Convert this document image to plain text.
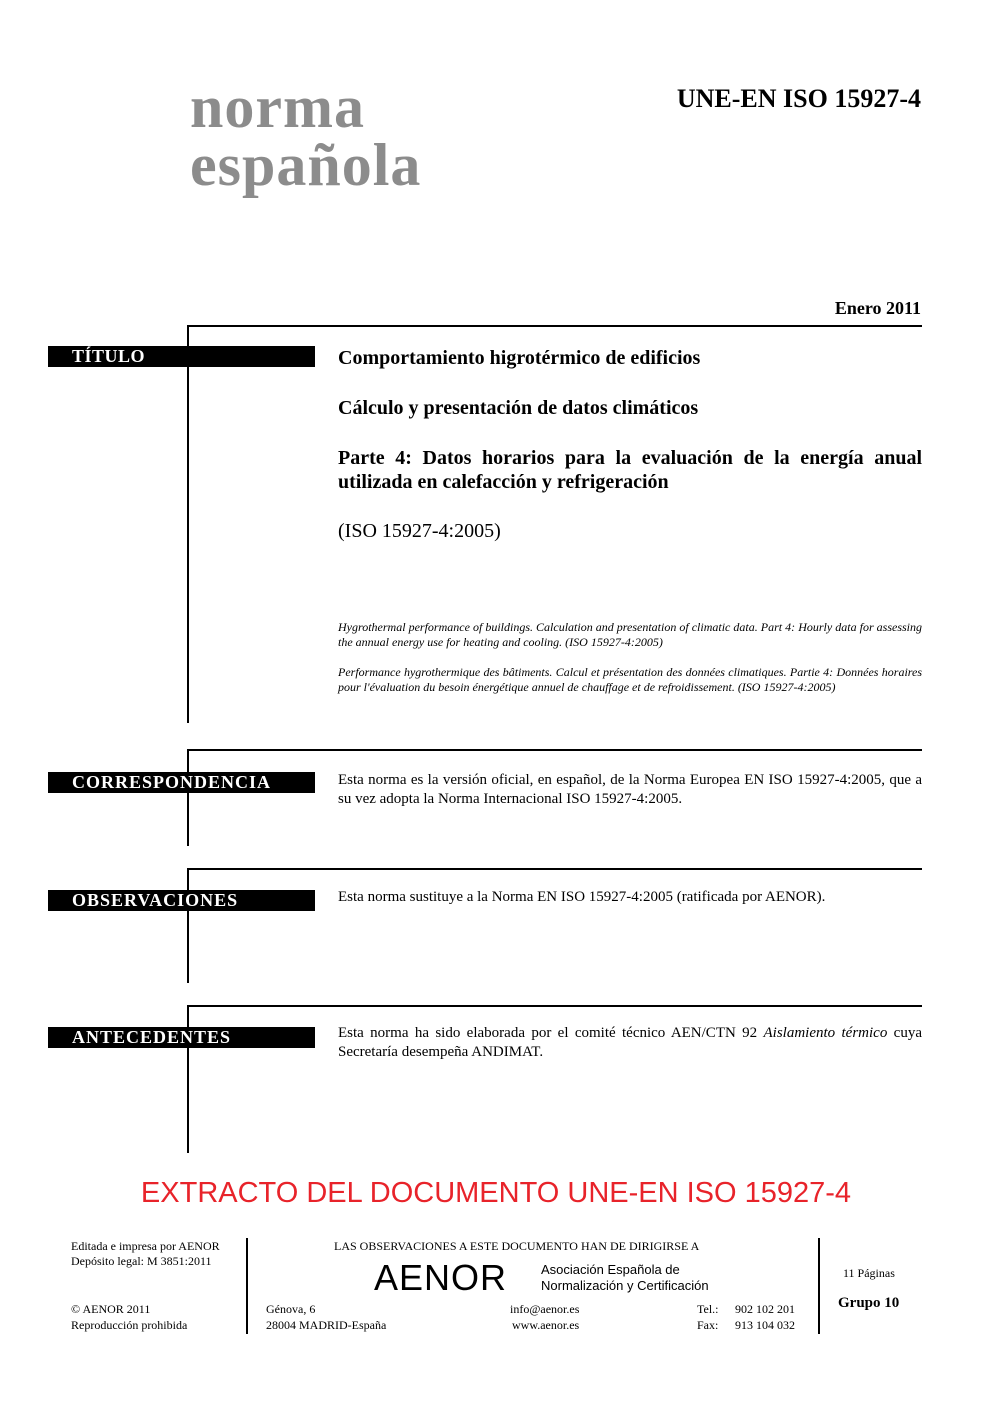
norma
española
UNE-EN ISO 15927-4
Enero 2011
TÍTULO	Comportamiento higrotérmico de edificios
Cálculo y presentación de datos climáticos
Parte 4: Datos horarios para la evaluación de la energía anual utilizada en calefacción y refrigeración
(ISO 15927-4:2005)
Hygrothermal performance of buildings. Calculation and presentation of climatic data. Part 4: Hourly data for assessing the annual energy use for heating and cooling. (ISO 15927-4:2005)
Performance hygrothermique des bâtiments. Calcul et présentation des données climatiques. Partie 4: Données horaires pour l'évaluation du besoin énergétique annuel de chauffage et de refroidissement. (ISO 15927-4:2005)
CORRESPONDENCIA	Esta norma es la versión oficial, en español, de la Norma Europea EN ISO 15927-4:2005, que a su vez adopta la Norma Internacional ISO 15927-4:2005.
OBSERVACIONES	Esta norma sustituye a la Norma EN ISO 15927-4:2005 (ratificada por AENOR).
ANTECEDENTES	Esta norma ha sido elaborada por el comité técnico AEN/CTN 92 Aislamiento térmico cuya Secretaría desempeña ANDIMAT.
EXTRACTO DEL DOCUMENTO UNE-EN ISO 15927-4
Editada e impresa por AENOR
Depósito legal: M 3851:2011
© AENOR 2011
Reproducción prohibida
LAS OBSERVACIONES A ESTE DOCUMENTO HAN DE DIRIGIRSE A
AENOR	Asociación Española de
Normalización y Certificación
Génova, 6
28004 MADRID-España
info@aenor.es
www.aenor.es
Tel.: 902 102 201
Fax: 913 104 032
11 Páginas
Grupo 10
